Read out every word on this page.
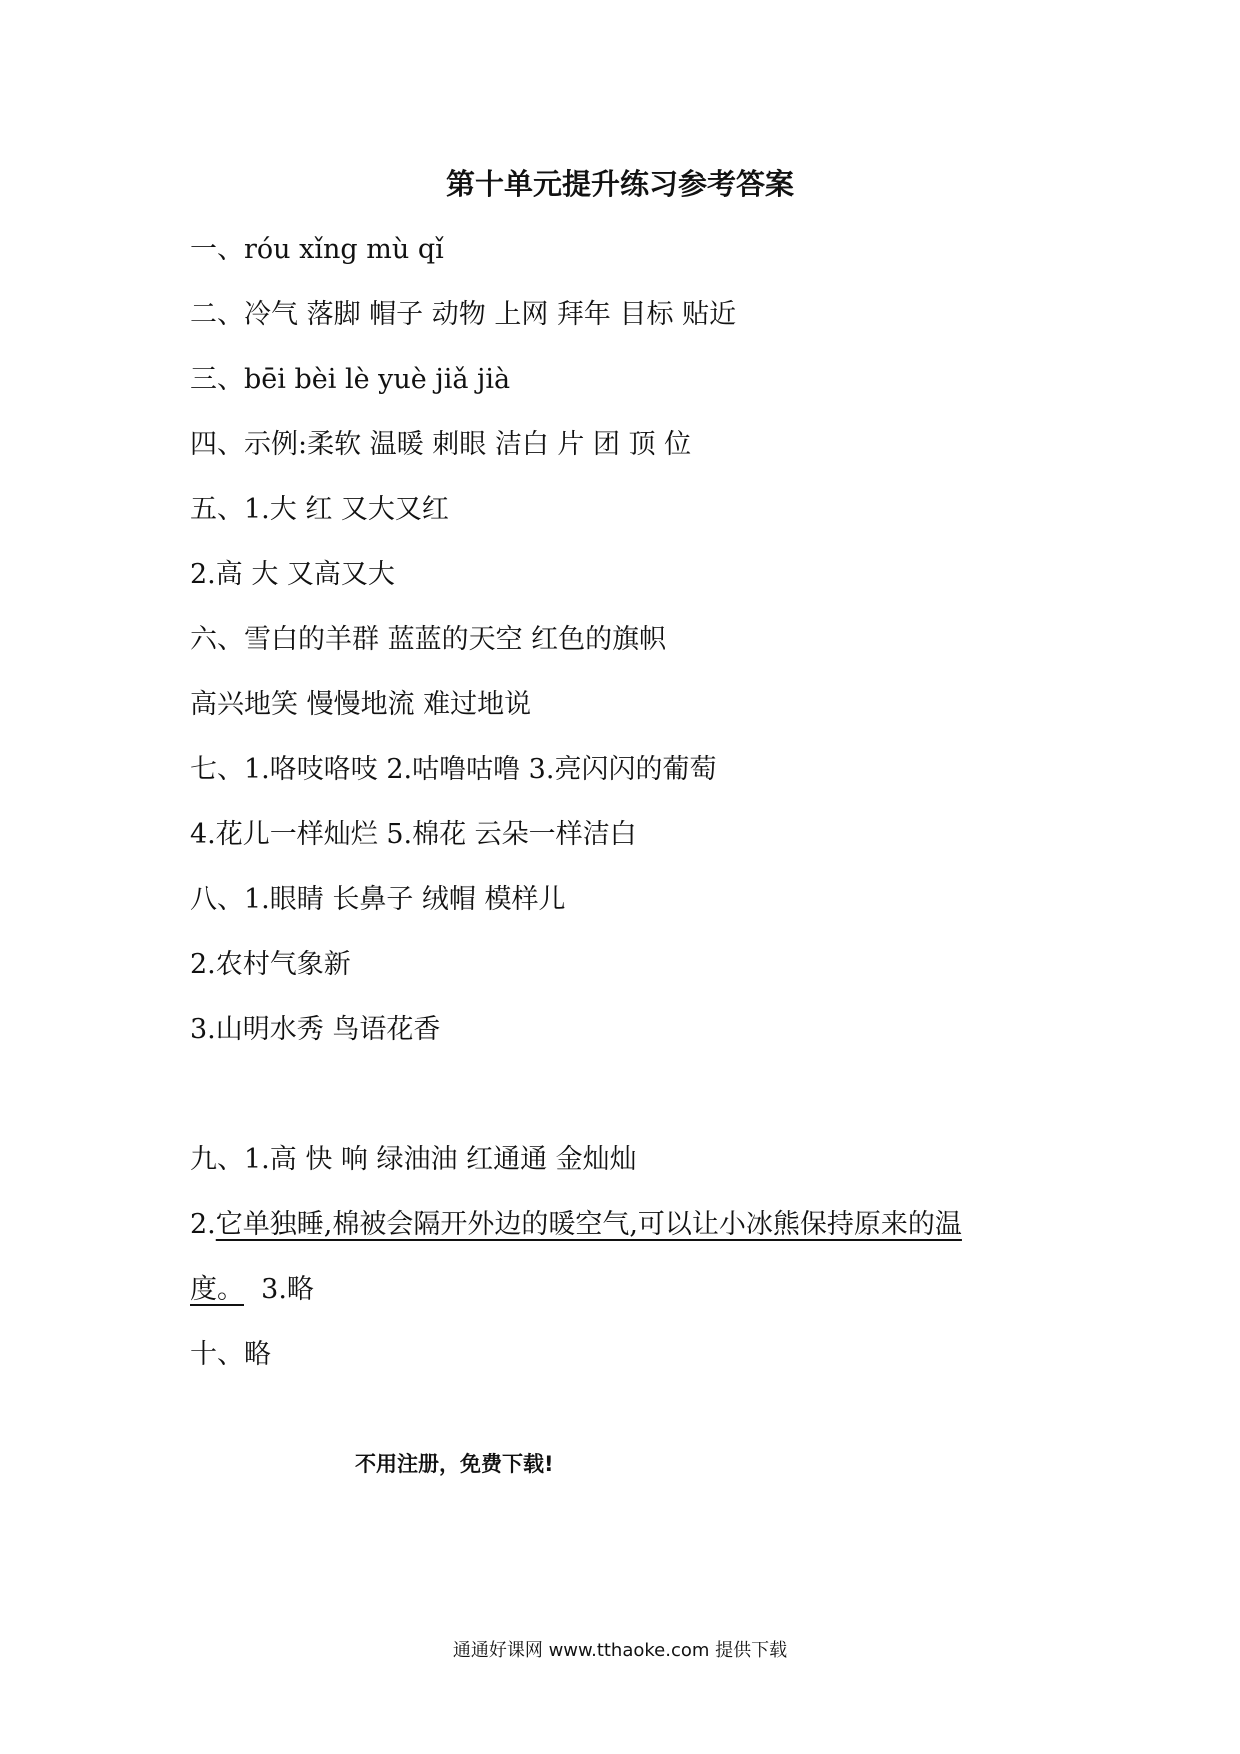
第十单元提升练习参考答案
一、róu xǐng mù qǐ
二、冷气 落脚 帽子 动物 上网 拜年 目标 贴近
三、bēi bèi lè yuè jiǎ jià
四、示例:柔软 温暖 刺眼 洁白 片 团 顶 位
五、1.大 红 又大又红
2.高 大 又高又大
六、雪白的羊群 蓝蓝的天空 红色的旗帜
高兴地笑 慢慢地流 难过地说
七、1.咯吱咯吱 2.咕噜咕噜 3.亮闪闪的葡萄
4.花儿一样灿烂 5.棉花 云朵一样洁白
八、1.眼睛 长鼻子 绒帽 模样儿
2.农村气象新
3.山明水秀 鸟语花香
九、1.高 快 响 绿油油 红通通 金灿灿
2.它单独睡,棉被会隔开外边的暖空气,可以让小冰熊保持原来的温
度。  3.略
十、略
不用注册，免费下载!
通通好课网 www.tthaoke.com 提供下载
